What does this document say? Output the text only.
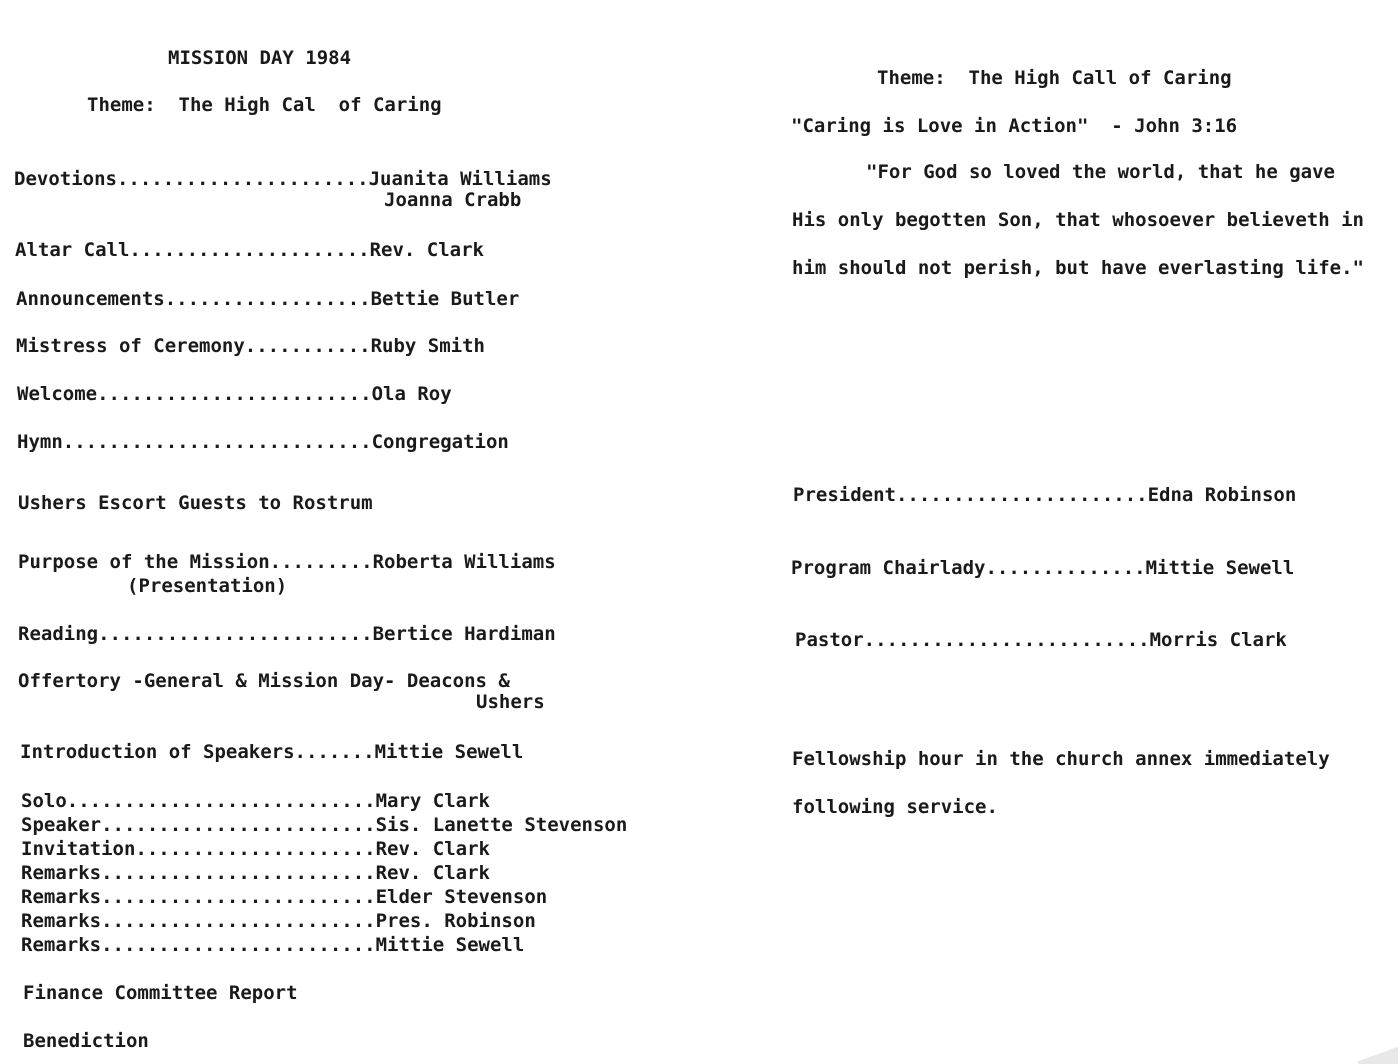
MISSION DAY 1984
Theme:  The High Cal  of Caring
Devotions......................Juanita Williams
Joanna Crabb
Altar Call.....................Rev. Clark
Announcements..................Bettie Butler
Mistress of Ceremony...........Ruby Smith
Welcome........................Ola Roy
Hymn...........................Congregation
Ushers Escort Guests to Rostrum
Purpose of the Mission.........Roberta Williams
(Presentation)
Reading........................Bertice Hardiman
Offertory -General & Mission Day- Deacons &
Ushers
Introduction of Speakers.......Mittie Sewell
Solo...........................Mary Clark
Speaker........................Sis. Lanette Stevenson
Invitation.....................Rev. Clark
Remarks........................Rev. Clark
Remarks........................Elder Stevenson
Remarks........................Pres. Robinson
Remarks........................Mittie Sewell
Finance Committee Report
Benediction
Theme:  The High Call of Caring
"Caring is Love in Action"  - John 3:16
"For God so loved the world, that he gave His only begotten Son, that whosoever believeth in him should not perish, but have everlasting life."
President......................Edna Robinson
Program Chairlady..............Mittie Sewell
Pastor.........................Morris Clark
Fellowship hour in the church annex immediately following service.
